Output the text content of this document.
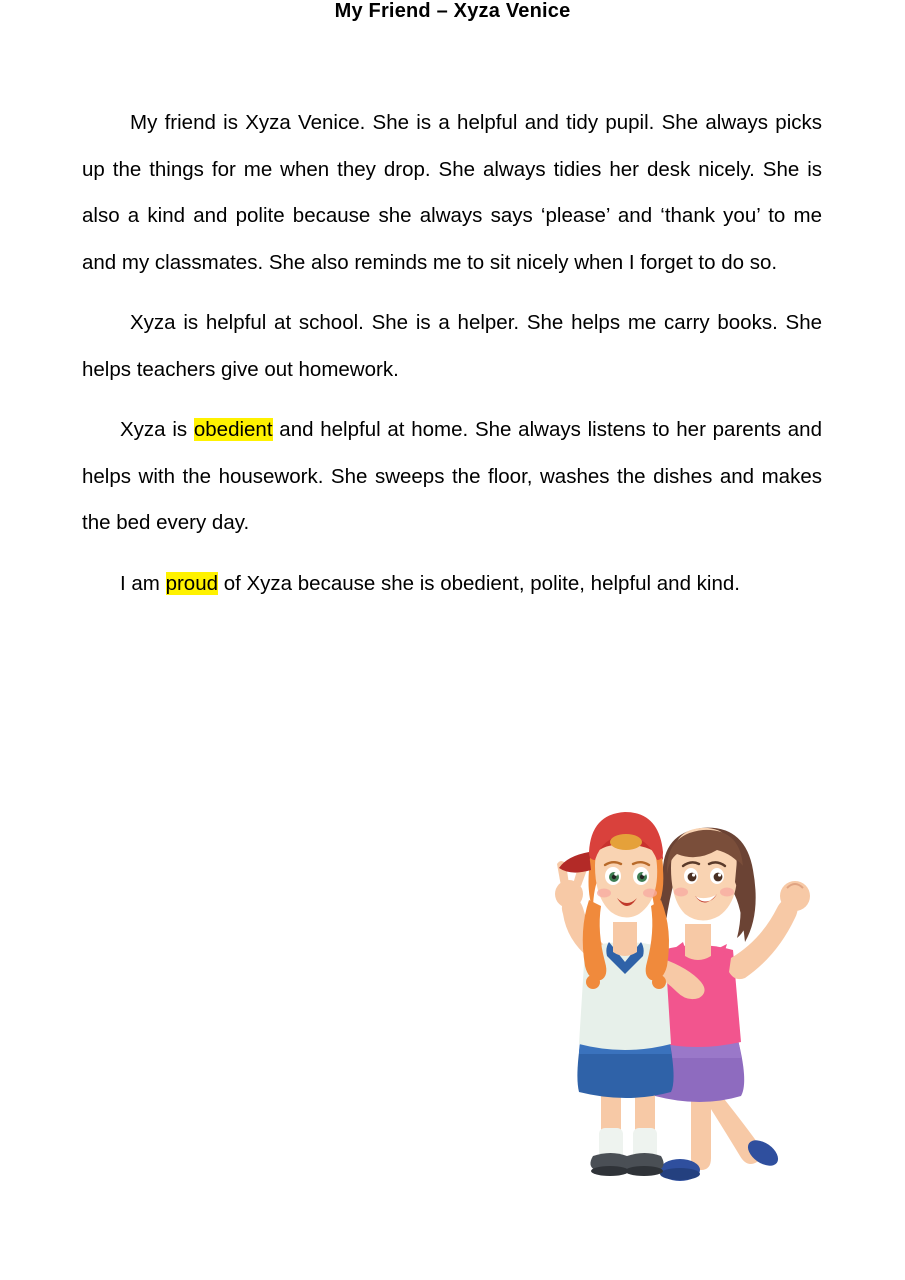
My Friend – Xyza Venice

My friend is Xyza Venice. She is a helpful and tidy pupil. She always picks up the things for me when they drop. She always tidies her desk nicely. She is also a kind and polite because she always says ‘please’ and ‘thank you’ to me and my classmates. She also reminds me to sit nicely when I forget to do so.

Xyza is helpful at school. She is a helper. She helps me carry books. She helps teachers give out homework.

Xyza is obedient and helpful at home. She always listens to her parents and helps with the housework. She sweeps the floor, washes the dishes and makes the bed every day.

I am proud of Xyza because she is obedient, polite, helpful and kind.
